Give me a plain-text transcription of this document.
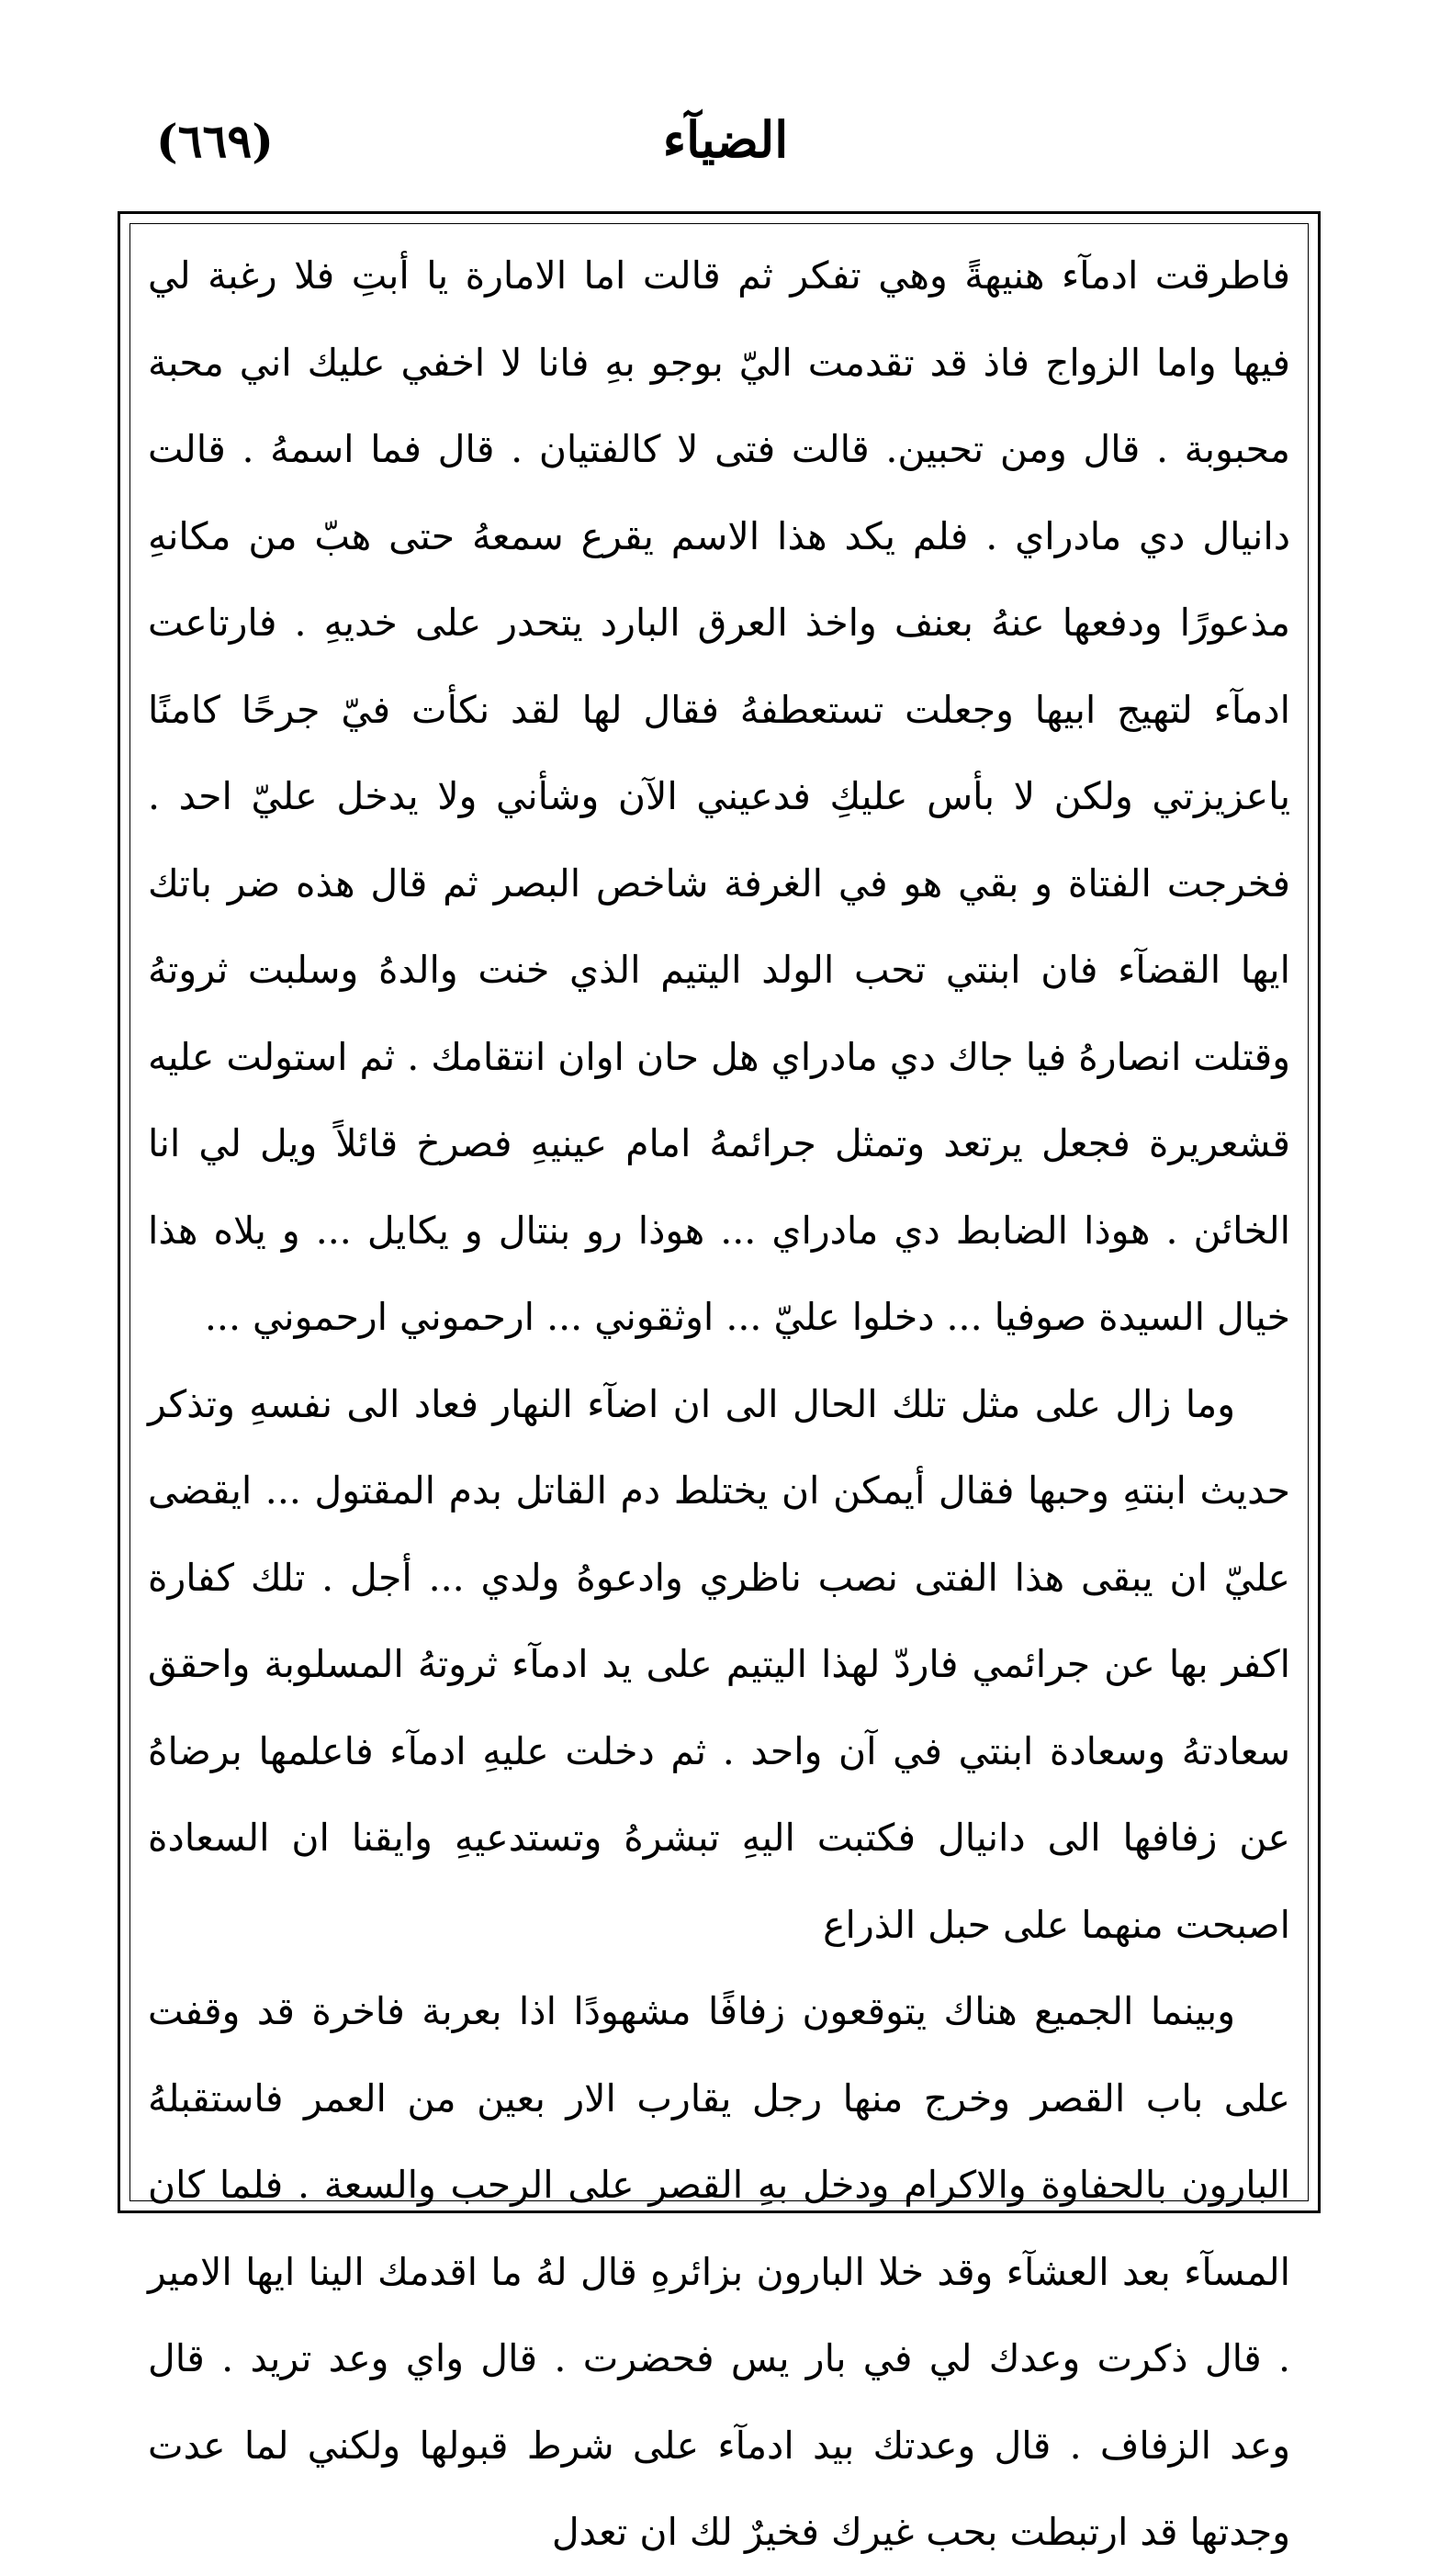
الضيآء
(٦٦٩)

فاطرقت ادمآء هنيهةً وهي تفكر ثم قالت اما الامارة يا أبتِ فلا رغبة لي فيها واما الزواج فاذ قد تقدمت اليّ بوجو بهِ فانا لا اخفي عليك اني محبة محبوبة . قال ومن تحبين. قالت فتى لا كالفتيان . قال فما اسمهُ . قالت دانيال دي مادراي . فلم يكد هذا الاسم يقرع سمعهُ حتى هبّ من مكانهِ مذعورًا ودفعها عنهُ بعنف واخذ العرق البارد يتحدر على خديهِ . فارتاعت ادمآء لتهيج ابيها وجعلت تستعطفهُ فقال لها لقد نكأت فيّ جرحًا كامنًا ياعزيزتي ولكن لا بأس عليكِ فدعيني الآن وشأني ولا يدخل عليّ احد . فخرجت الفتاة و بقي هو في الغرفة شاخص البصر ثم قال هذه ضر باتك ايها القضآء فان ابنتي تحب الولد اليتيم الذي خنت والدهُ وسلبت ثروتهُ وقتلت انصارهُ فيا جاك دي مادراي هل حان اوان انتقامك . ثم استولت عليه قشعريرة فجعل يرتعد وتمثل جرائمهُ امام عينيهِ فصرخ قائلاً ويل لي انا الخائن . هوذا الضابط دي مادراي ... هوذا رو بنتال و يكايل ... و يلاه هذا خيال السيدة صوفيا ... دخلوا عليّ ... اوثقوني ... ارحموني ارحموني ...

وما زال على مثل تلك الحال الى ان اضآء النهار فعاد الى نفسهِ وتذكر حديث ابنتهِ وحبها فقال أيمكن ان يختلط دم القاتل بدم المقتول ... ايقضى عليّ ان يبقى هذا الفتى نصب ناظري وادعوهُ ولدي ... أجل . تلك كفارة اكفر بها عن جرائمي فاردّ لهذا اليتيم على يد ادمآء ثروتهُ المسلوبة واحقق سعادتهُ وسعادة ابنتي في آن واحد . ثم دخلت عليهِ ادمآء فاعلمها برضاهُ عن زفافها الى دانيال فكتبت اليهِ تبشرهُ وتستدعيهِ وايقنا ان السعادة اصبحت منهما على حبل الذراع

وبينما الجميع هناك يتوقعون زفافًا مشهودًا اذا بعربة فاخرة قد وقفت على باب القصر وخرج منها رجل يقارب الار بعين من العمر فاستقبلهُ البارون بالحفاوة والاكرام ودخل بهِ القصر على الرحب والسعة . فلما كان المسآء بعد العشآء وقد خلا البارون بزائرهِ قال لهُ ما اقدمك الينا ايها الامير . قال ذكرت وعدك لي في بار يس فحضرت . قال واي وعد تريد . قال وعد الزفاف . قال وعدتك بيد ادمآء على شرط قبولها ولكني لما عدت وجدتها قد ارتبطت بحب غيرك فخيرٌ لك ان تعدل
